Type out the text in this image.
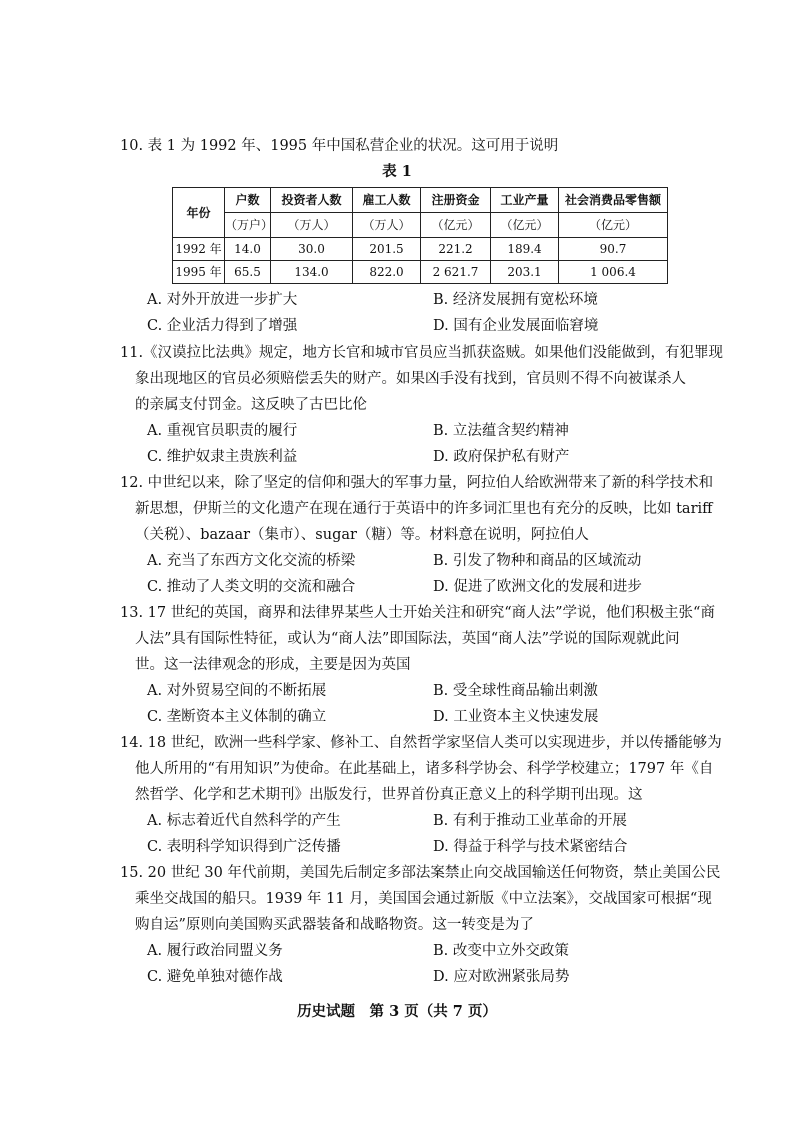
10. 表 1 为 1992 年、1995 年中国私营企业的状况。这可用于说明
表 1
年份	户数	投资者人数	雇工人数	注册资金	工业产量	社会消费品零售额
	（万户）	（万人）	（万人）	（亿元）	（亿元）	（亿元）
1992 年	14.0	30.0	201.5	221.2	189.4	90.7
1995 年	65.5	134.0	822.0	2 621.7	203.1	1 006.4
A. 对外开放进一步扩大	B. 经济发展拥有宽松环境
C. 企业活力得到了增强	D. 国有企业发展面临窘境
11.《汉谟拉比法典》规定，地方长官和城市官员应当抓获盗贼。如果他们没能做到，有犯罪现
象出现地区的官员必须赔偿丢失的财产。如果凶手没有找到，官员则不得不向被谋杀人
的亲属支付罚金。这反映了古巴比伦
A. 重视官员职责的履行	B. 立法蕴含契约精神
C. 维护奴隶主贵族利益	D. 政府保护私有财产
12. 中世纪以来，除了坚定的信仰和强大的军事力量，阿拉伯人给欧洲带来了新的科学技术和
新思想，伊斯兰的文化遗产在现在通行于英语中的许多词汇里也有充分的反映，比如 tariff
（关税）、bazaar（集市）、sugar（糖）等。材料意在说明，阿拉伯人
A. 充当了东西方文化交流的桥梁	B. 引发了物种和商品的区域流动
C. 推动了人类文明的交流和融合	D. 促进了欧洲文化的发展和进步
13. 17 世纪的英国，商界和法律界某些人士开始关注和研究“商人法”学说，他们积极主张“商
人法”具有国际性特征，或认为“商人法”即国际法，英国“商人法”学说的国际观就此问
世。这一法律观念的形成，主要是因为英国
A. 对外贸易空间的不断拓展	B. 受全球性商品输出刺激
C. 垄断资本主义体制的确立	D. 工业资本主义快速发展
14. 18 世纪，欧洲一些科学家、修补工、自然哲学家坚信人类可以实现进步，并以传播能够为
他人所用的“有用知识”为使命。在此基础上，诸多科学协会、科学学校建立；1797 年《自
然哲学、化学和艺术期刊》出版发行，世界首份真正意义上的科学期刊出现。这
A. 标志着近代自然科学的产生	B. 有利于推动工业革命的开展
C. 表明科学知识得到广泛传播	D. 得益于科学与技术紧密结合
15. 20 世纪 30 年代前期，美国先后制定多部法案禁止向交战国输送任何物资，禁止美国公民
乘坐交战国的船只。1939 年 11 月，美国国会通过新版《中立法案》，交战国家可根据“现
购自运”原则向美国购买武器装备和战略物资。这一转变是为了
A. 履行政治同盟义务	B. 改变中立外交政策
C. 避免单独对德作战	D. 应对欧洲紧张局势
历史试题　第 3 页（共 7 页）
